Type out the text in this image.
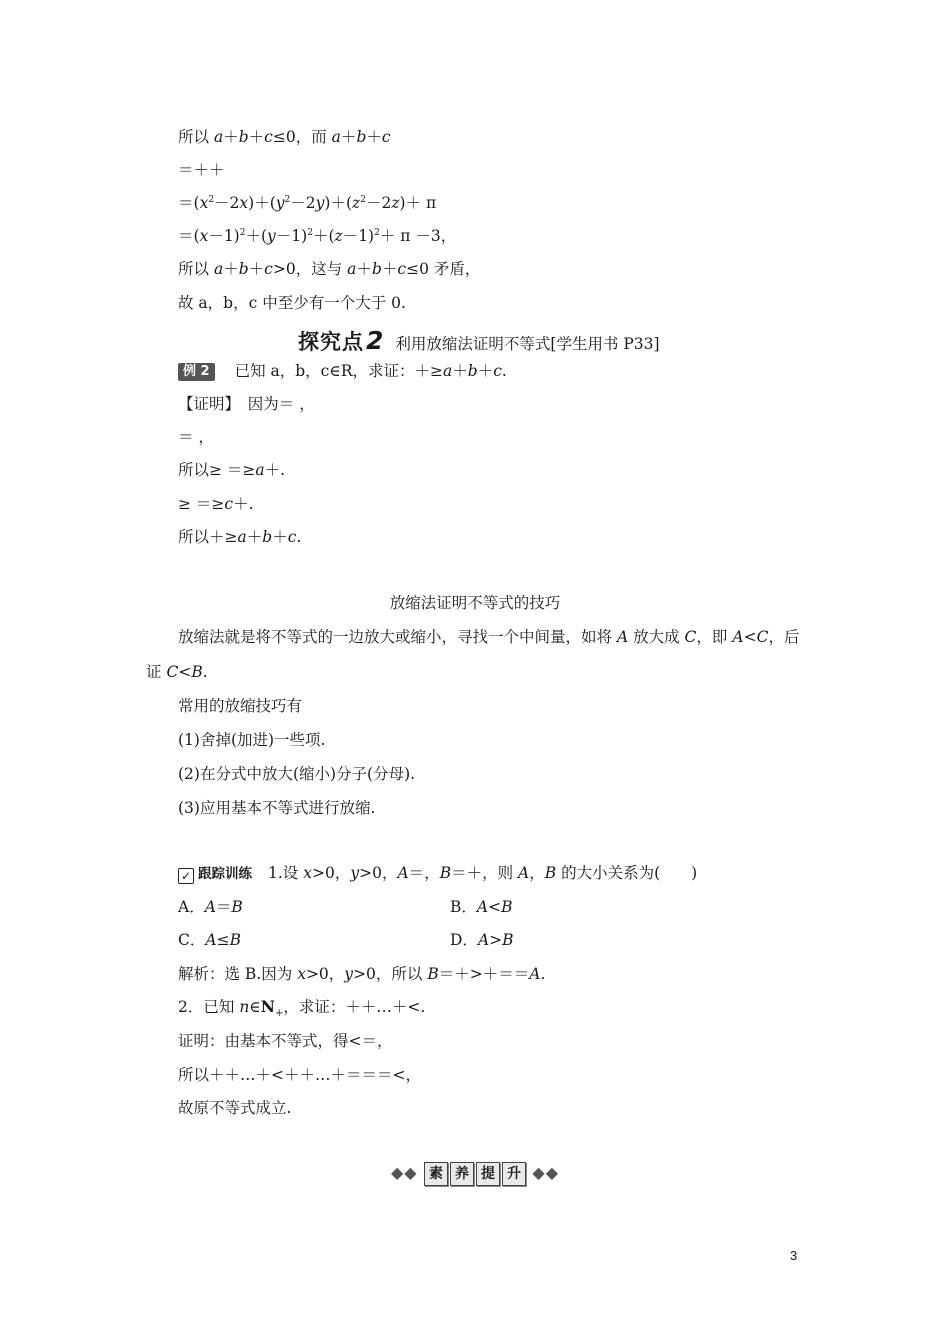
所以 a＋b＋c≤0，而 a＋b＋c
＝＋＋
$=(x^2-2x)+(y^2-2y)+(z^2-2z)+ \pi$
$=(x-1)^2+(y-1)^2+(z-1)^2+ \pi -3$，
所以 a＋b＋c>0，这与 a＋b＋c≤0 矛盾，
故 a，b，c 中至少有一个大于 0.
探究点 2 利用放缩法证明不等式[学生用书 P33]
例 2 已知 a，b，c∈R，求证：＋≥a＋b＋c.
【证明】　 因为＝ ，
＝ ，
所以≥ ＝≥a＋.
≥ ＝≥c＋.
所以＋≥a＋b＋c.
放缩法证明不等式的技巧
放缩法就是将不等式的一边放大或缩小，寻找一个中间量，如将 A 放大成 C，即 A<C，后
证 C<B.
常用的放缩技巧有
(1)舍掉(加进)一些项.
(2)在分式中放大(缩小)分子(分母).
(3)应用基本不等式进行放缩.
✓ 跟踪训练 1.设 x>0，y>0，A＝，B＝＋，则 A，B 的大小关系为(　　)
A．A＝B	B．A<B
C．A≤B	D．A>B
解析：选 B.因为 x>0，y>0，所以 B＝＋>＋＝＝A.
2．已知 $n\in N_+$，求证：＋＋…＋<.
证明：由基本不等式，得<＝，
所以＋＋…＋<＋＋…＋＝＝＝<，
故原不等式成立.
◆◆ 素 养 提 升 ◆◆
3
